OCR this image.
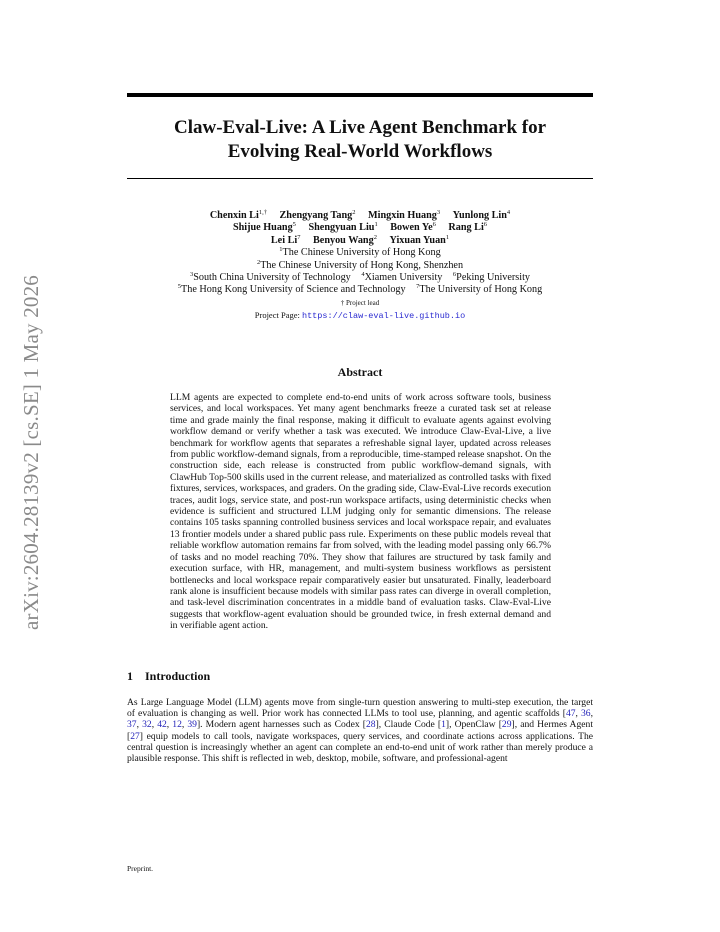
arXiv:2604.28139v2 [cs.SE] 1 May 2026
Claw-Eval-Live: A Live Agent Benchmark for
Evolving Real-World Workflows
Chenxin $Li^{1,\dagger}$ Zhengyang Tang$^2$ Mingxin Huang$^3$ Yunlong Lin$^4$
Shijue Huang$^5$ Shengyuan Liu$^1$ Bowen Ye$^6$ Rang Li$^6$
Lei Li$^7$ Benyou Wang$^2$ Yixuan Yuan$^1$
$^1$The Chinese University of Hong Kong
$^2$The Chinese University of Hong Kong, Shenzhen
$^3$South China University of Technology $^4$Xiamen University $^6$Peking University
$^5$The Hong Kong University of Science and Technology $^7$The University of Hong Kong
† Project lead
Project Page: https://claw-eval-live.github.io
Abstract

LLM agents are expected to complete end-to-end units of work across software tools, business services, and local workspaces. Yet many agent benchmarks freeze a curated task set at release time and grade mainly the final response, making it difficult to evaluate agents against evolving workflow demand or verify whether a task was executed. We introduce Claw-Eval-Live, a live benchmark for workflow agents that separates a refreshable signal layer, updated across releases from public workflow-demand signals, from a reproducible, time-stamped release snapshot. On the construction side, each release is constructed from public workflow-demand signals, with ClawHub Top-500 skills used in the current release, and materialized as controlled tasks with fixed fixtures, services, workspaces, and graders. On the grading side, Claw-Eval-Live records execution traces, audit logs, service state, and post-run workspace artifacts, using deterministic checks when evidence is sufficient and structured LLM judging only for semantic dimensions. The release contains 105 tasks spanning controlled business services and local workspace repair, and evaluates 13 frontier models under a shared public pass rule. Experiments on these public models reveal that reliable workflow automation remains far from solved, with the leading model passing only 66.7% of tasks and no model reaching 70%. They show that failures are structured by task family and execution surface, with HR, management, and multi-system business workflows as persistent bottlenecks and local workspace repair comparatively easier but unsaturated. Finally, leaderboard rank alone is insufficient because models with similar pass rates can diverge in overall completion, and task-level discrimination concentrates in a middle band of evaluation tasks. Claw-Eval-Live suggests that workflow-agent evaluation should be grounded twice, in fresh external demand and in verifiable agent action.

1 Introduction

As Large Language Model (LLM) agents move from single-turn question answering to multi-step execution, the target of evaluation is changing as well. Prior work has connected LLMs to tool use, planning, and agentic scaffolds [47, 36, 37, 32, 42, 12, 39]. Modern agent harnesses such as Codex [28], Claude Code [1], OpenClaw [29], and Hermes Agent [27] equip models to call tools, navigate workspaces, query services, and coordinate actions across applications. The central question is increasingly whether an agent can complete an end-to-end unit of work rather than merely produce a plausible response. This shift is reflected in web, desktop, mobile, software, and professional-agent

Preprint.
